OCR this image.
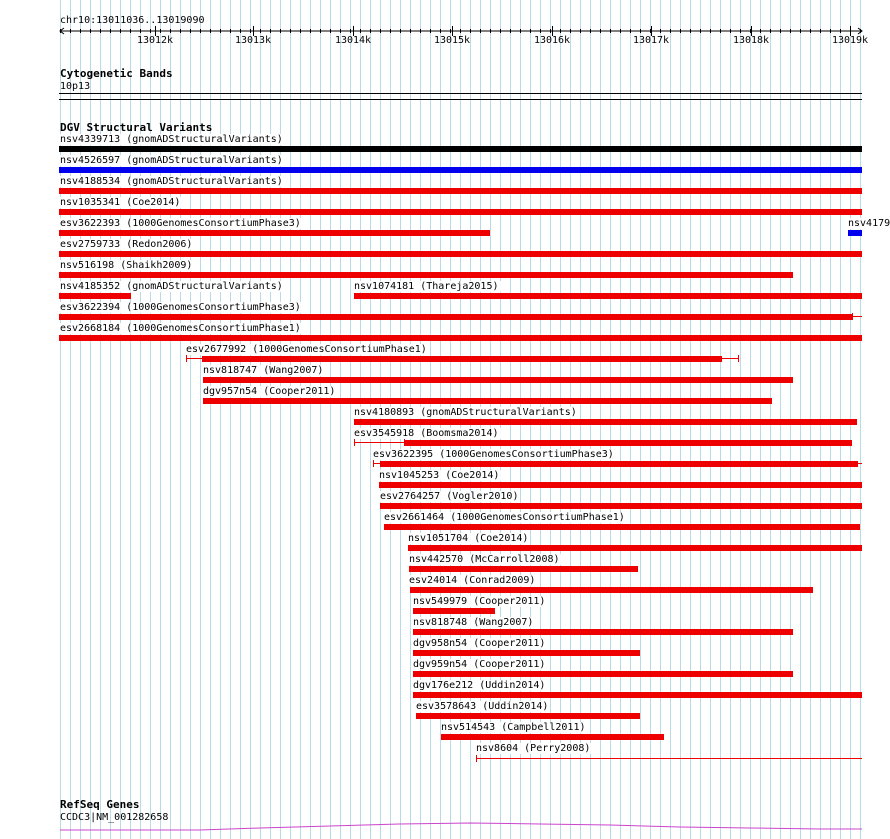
chr10:13011036..13019090
13012k	13013k	13014k	13015k	13016k	13017k	13018k	13019k
Cytogenetic Bands
10p13
DGV Structural Variants
nsv4339713 (gnomADStructuralVariants)
nsv4526597 (gnomADStructuralVariants)
nsv4188534 (gnomADStructuralVariants)
nsv1035341 (Coe2014)
esv3622393 (1000GenomesConsortiumPhase3)	nsv4179
esv2759733 (Redon2006)
nsv516198 (Shaikh2009)
nsv4185352 (gnomADStructuralVariants)	nsv1074181 (Thareja2015)
esv3622394 (1000GenomesConsortiumPhase3)
esv2668184 (1000GenomesConsortiumPhase1)
esv2677992 (1000GenomesConsortiumPhase1)
nsv818747 (Wang2007)
dgv957n54 (Cooper2011)
nsv4180893 (gnomADStructuralVariants)
esv3545918 (Boomsma2014)
esv3622395 (1000GenomesConsortiumPhase3)
nsv1045253 (Coe2014)
esv2764257 (Vogler2010)
esv2661464 (1000GenomesConsortiumPhase1)
nsv1051704 (Coe2014)
nsv442570 (McCarroll2008)
esv24014 (Conrad2009)
nsv549979 (Cooper2011)
nsv818748 (Wang2007)
dgv958n54 (Cooper2011)
dgv959n54 (Cooper2011)
dgv176e212 (Uddin2014)
esv3578643 (Uddin2014)
nsv514543 (Campbell2011)
nsv8604 (Perry2008)
RefSeq Genes
CCDC3|NM_001282658
